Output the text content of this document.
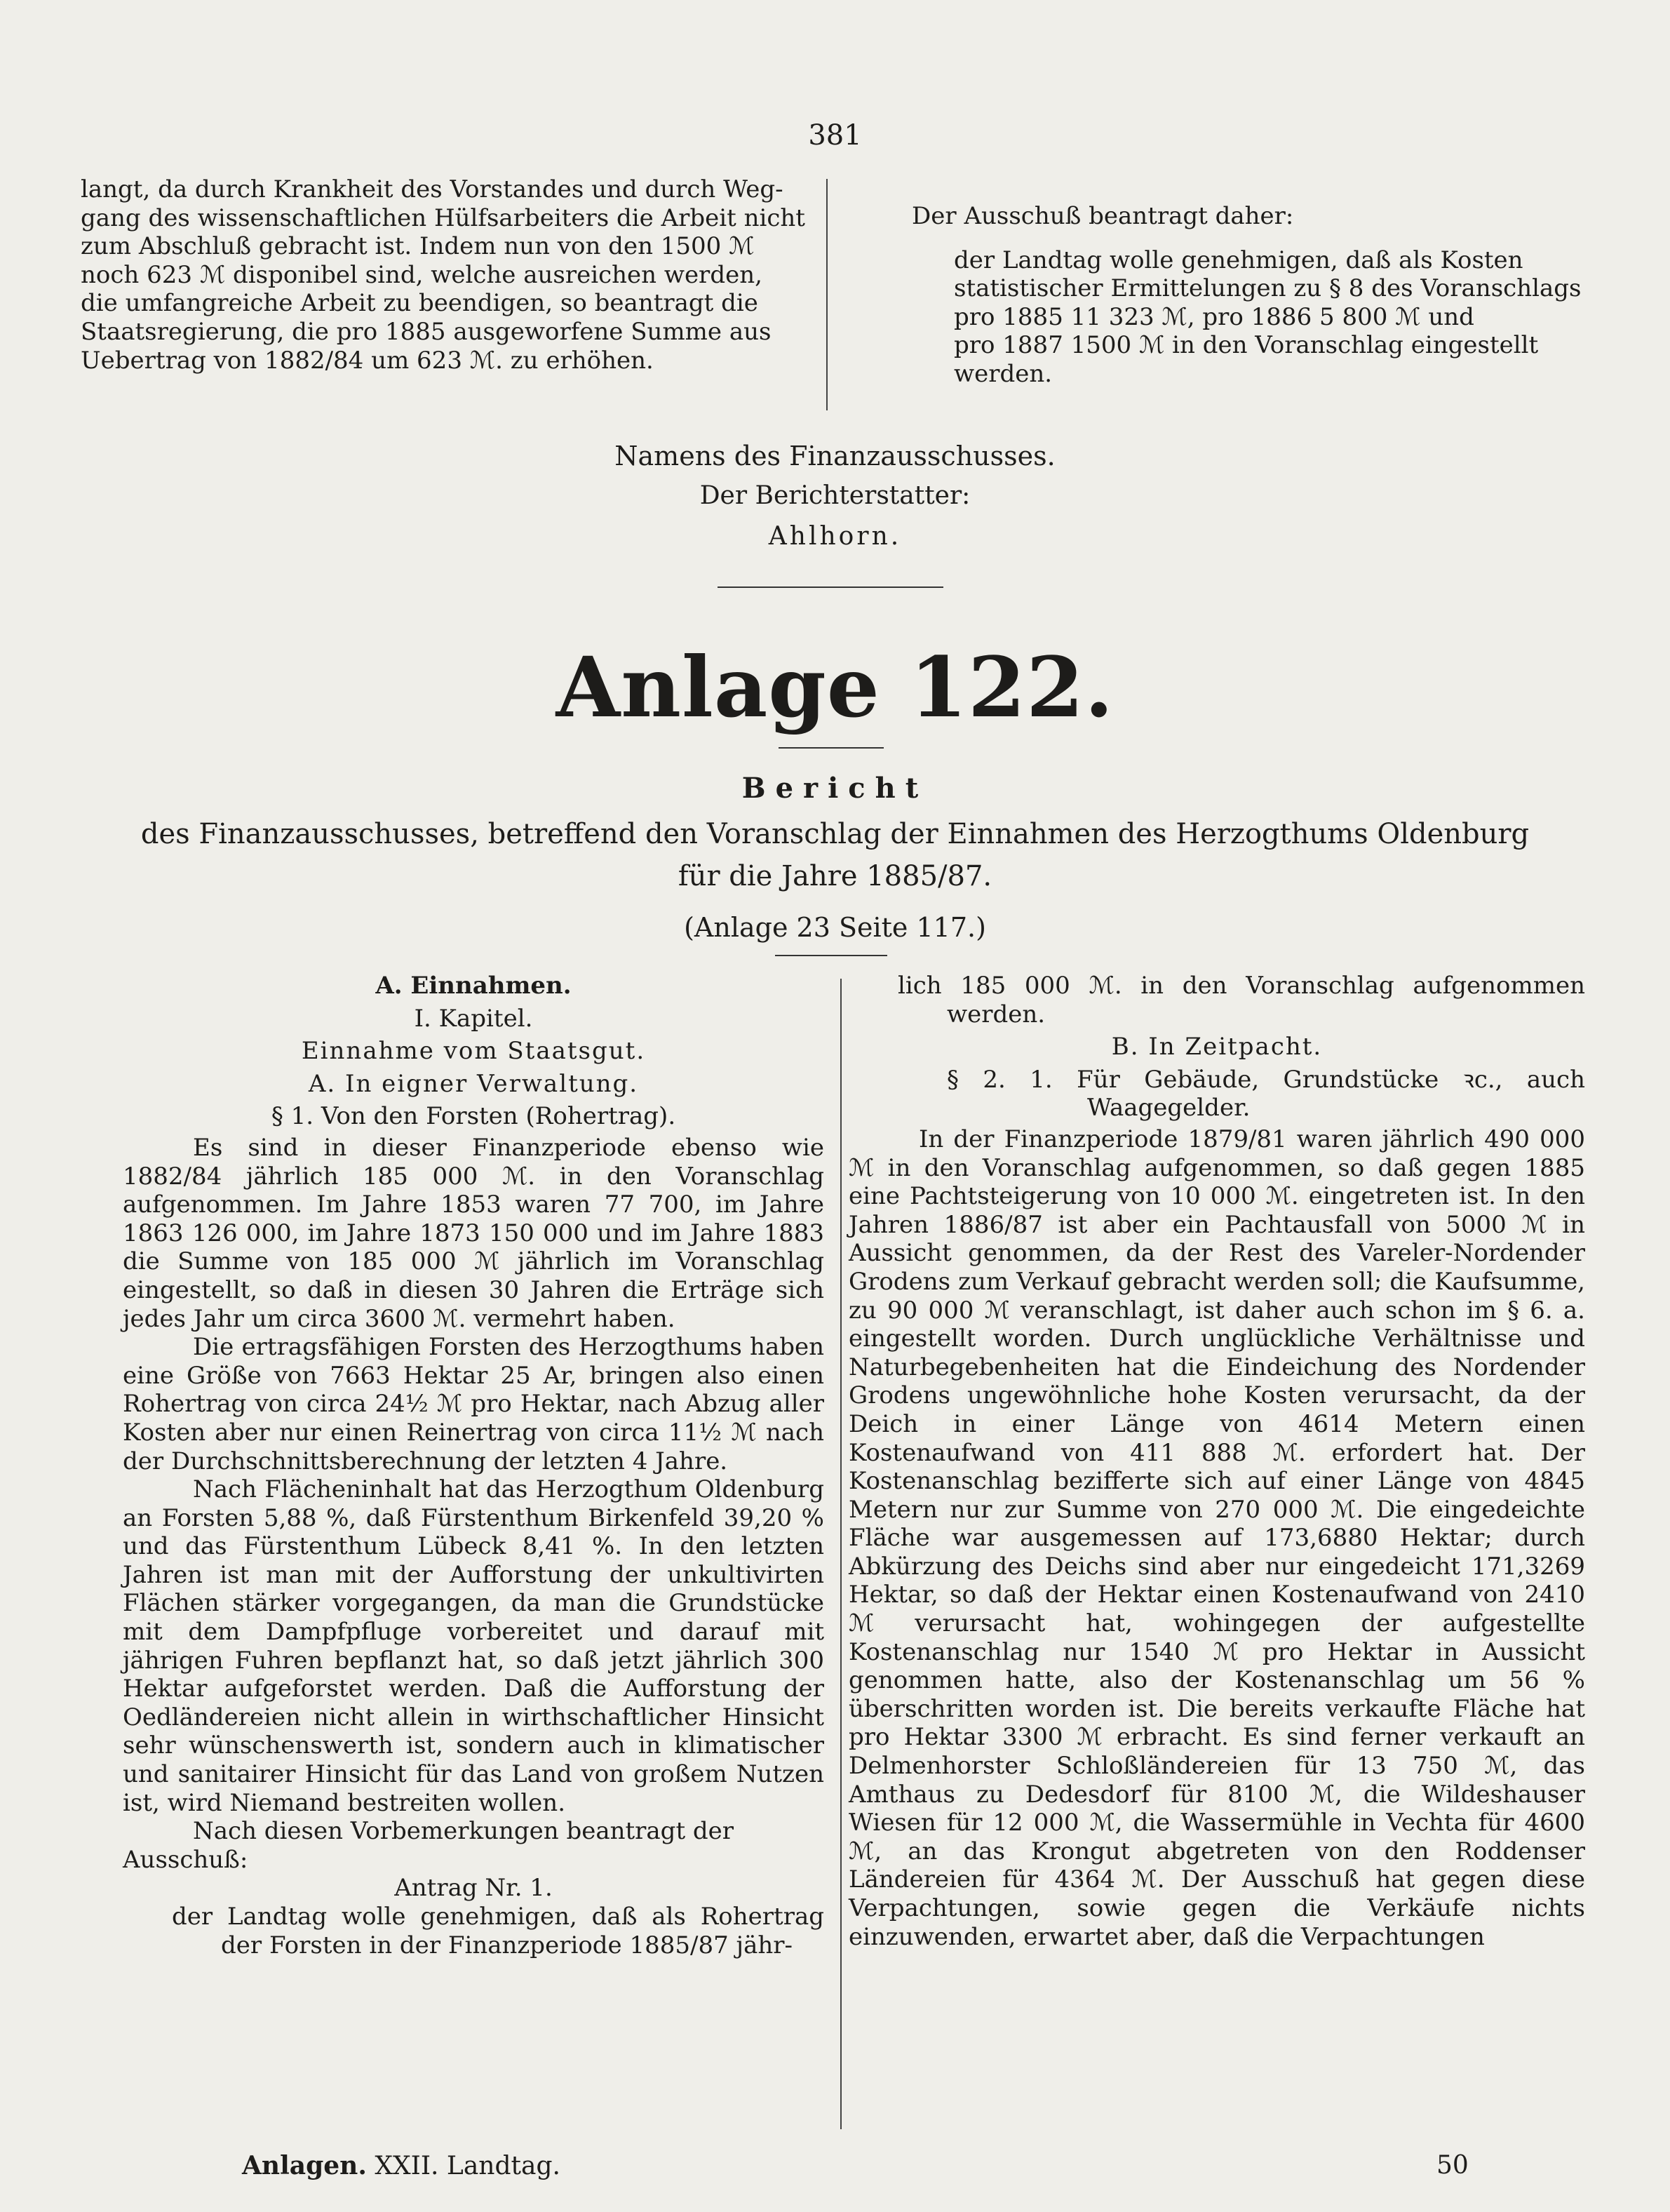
381

langt, da durch Krankheit des Vorstandes und durch Weg-

gang des wissenschaftlichen Hülfsarbeiters die Arbeit nicht

zum Abschluß gebracht ist. Indem nun von den 1500 ℳ

noch 623 ℳ disponibel sind, welche ausreichen werden,

die umfangreiche Arbeit zu beendigen, so beantragt die

Staatsregierung, die pro 1885 ausgeworfene Summe aus

Uebertrag von 1882/84 um 623 ℳ. zu erhöhen.

Der Ausschuß beantragt daher:

der Landtag wolle genehmigen, daß als Kosten

statistischer Ermittelungen zu § 8 des Voranschlags

pro 1885 11 323 ℳ, pro 1886 5 800 ℳ und

pro 1887 1500 ℳ in den Voranschlag eingestellt

werden.

Namens des Finanzausschusses.
Der Berichterstatter:
Ahlhorn.
Anlage 122.
Bericht
des Finanzausschusses, betreffend den Voranschlag der Einnahmen des Herzogthums Oldenburg
für die Jahre 1885/87.
(Anlage 23 Seite 117.)

A. Einnahmen.

I. Kapitel.

Einnahme vom Staatsgut.

A. In eigner Verwaltung.

§ 1. Von den Forsten (Rohertrag).

Es sind in dieser Finanzperiode ebenso wie 1882/84 jährlich 185 000 ℳ. in den Voranschlag aufgenommen. Im Jahre 1853 waren 77 700, im Jahre 1863 126 000, im Jahre 1873 150 000 und im Jahre 1883 die Summe von 185 000 ℳ jährlich im Voranschlag eingestellt, so daß in diesen 30 Jahren die Erträge sich jedes Jahr um circa 3600 ℳ. vermehrt haben.

Die ertragsfähigen Forsten des Herzogthums haben eine Größe von 7663 Hektar 25 Ar, bringen also einen Rohertrag von circa 24½ ℳ pro Hektar, nach Abzug aller Kosten aber nur einen Reinertrag von circa 11½ ℳ nach der Durchschnittsberechnung der letzten 4 Jahre.

Nach Flächeninhalt hat das Herzogthum Oldenburg an Forsten 5,88 %, daß Fürstenthum Birkenfeld 39,20 % und das Fürstenthum Lübeck 8,41 %. In den letzten Jahren ist man mit der Aufforstung der unkultivirten Flächen stärker vorgegangen, da man die Grundstücke mit dem Dampfpfluge vorbereitet und darauf mit jährigen Fuhren bepflanzt hat, so daß jetzt jährlich 300 Hektar aufgeforstet werden. Daß die Aufforstung der Oedländereien nicht allein in wirthschaftlicher Hinsicht sehr wünschenswerth ist, sondern auch in klimatischer und sanitairer Hinsicht für das Land von großem Nutzen ist, wird Niemand bestreiten wollen.

Nach diesen Vorbemerkungen beantragt der Ausschuß:

Antrag Nr. 1.

der Landtag wolle genehmigen, daß als Rohertrag der Forsten in der Finanzperiode 1885/87 jähr-

lich 185 000 ℳ. in den Voranschlag aufgenommen werden.

B. In Zeitpacht.

§ 2. 1. Für Gebäude, Grundstücke ꝛc., auch Waagegelder.

In der Finanzperiode 1879/81 waren jährlich 490 000 ℳ in den Voranschlag aufgenommen, so daß gegen 1885 eine Pachtsteigerung von 10 000 ℳ. eingetreten ist. In den Jahren 1886/87 ist aber ein Pachtausfall von 5000 ℳ in Aussicht genommen, da der Rest des Vareler-Nordender Grodens zum Verkauf gebracht werden soll; die Kaufsumme, zu 90 000 ℳ veranschlagt, ist daher auch schon im § 6. a. eingestellt worden. Durch unglückliche Verhältnisse und Naturbegebenheiten hat die Eindeichung des Nordender Grodens ungewöhnliche hohe Kosten verursacht, da der Deich in einer Länge von 4614 Metern einen Kostenaufwand von 411 888 ℳ. erfordert hat. Der Kostenanschlag bezifferte sich auf einer Länge von 4845 Metern nur zur Summe von 270 000 ℳ. Die eingedeichte Fläche war ausgemessen auf 173,6880 Hektar; durch Abkürzung des Deichs sind aber nur eingedeicht 171,3269 Hektar, so daß der Hektar einen Kostenaufwand von 2410 ℳ verursacht hat, wohingegen der aufgestellte Kostenanschlag nur 1540 ℳ pro Hektar in Aussicht genommen hatte, also der Kostenanschlag um 56 % überschritten worden ist. Die bereits verkaufte Fläche hat pro Hektar 3300 ℳ erbracht. Es sind ferner verkauft an Delmenhorster Schloßländereien für 13 750 ℳ, das Amthaus zu Dedesdorf für 8100 ℳ, die Wildeshauser Wiesen für 12 000 ℳ, die Wassermühle in Vechta für 4600 ℳ, an das Krongut abgetreten von den Roddenser Ländereien für 4364 ℳ. Der Ausschuß hat gegen diese Verpachtungen, sowie gegen die Verkäufe nichts einzuwenden, erwartet aber, daß die Verpachtungen

Anlagen. XXII. Landtag.	50
